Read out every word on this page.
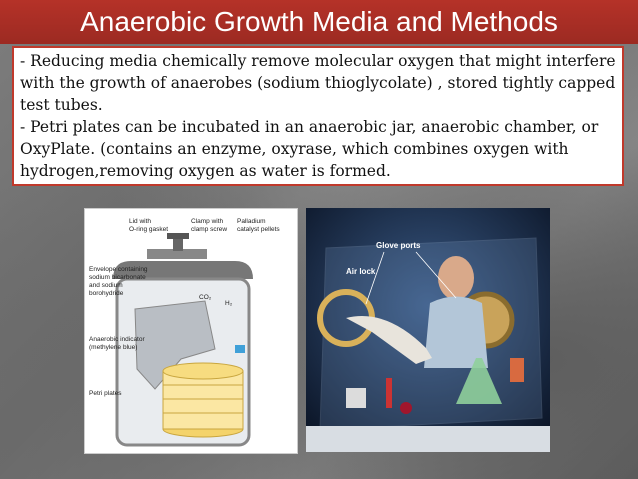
Anaerobic Growth Media and Methods

- Reducing media chemically remove molecular oxygen that might interfere with the growth of anaerobes (sodium thioglycolate) , stored tightly capped test tubes.

- Petri plates can be incubated in an anaerobic jar, anaerobic chamber, or OxyPlate. (contains an enzyme, oxyrase, which combines oxygen with hydrogen,removing oxygen as water is formed.

Lid with
O-ring gasket
Clamp with
clamp screw
Palladium
catalyst pellets
Envelope containing
sodium bicarbonate
and sodium
borohydride
CO₂
H₂
Anaerobic indicator
(methylene blue)
Petri plates
Glove ports
Air lock
